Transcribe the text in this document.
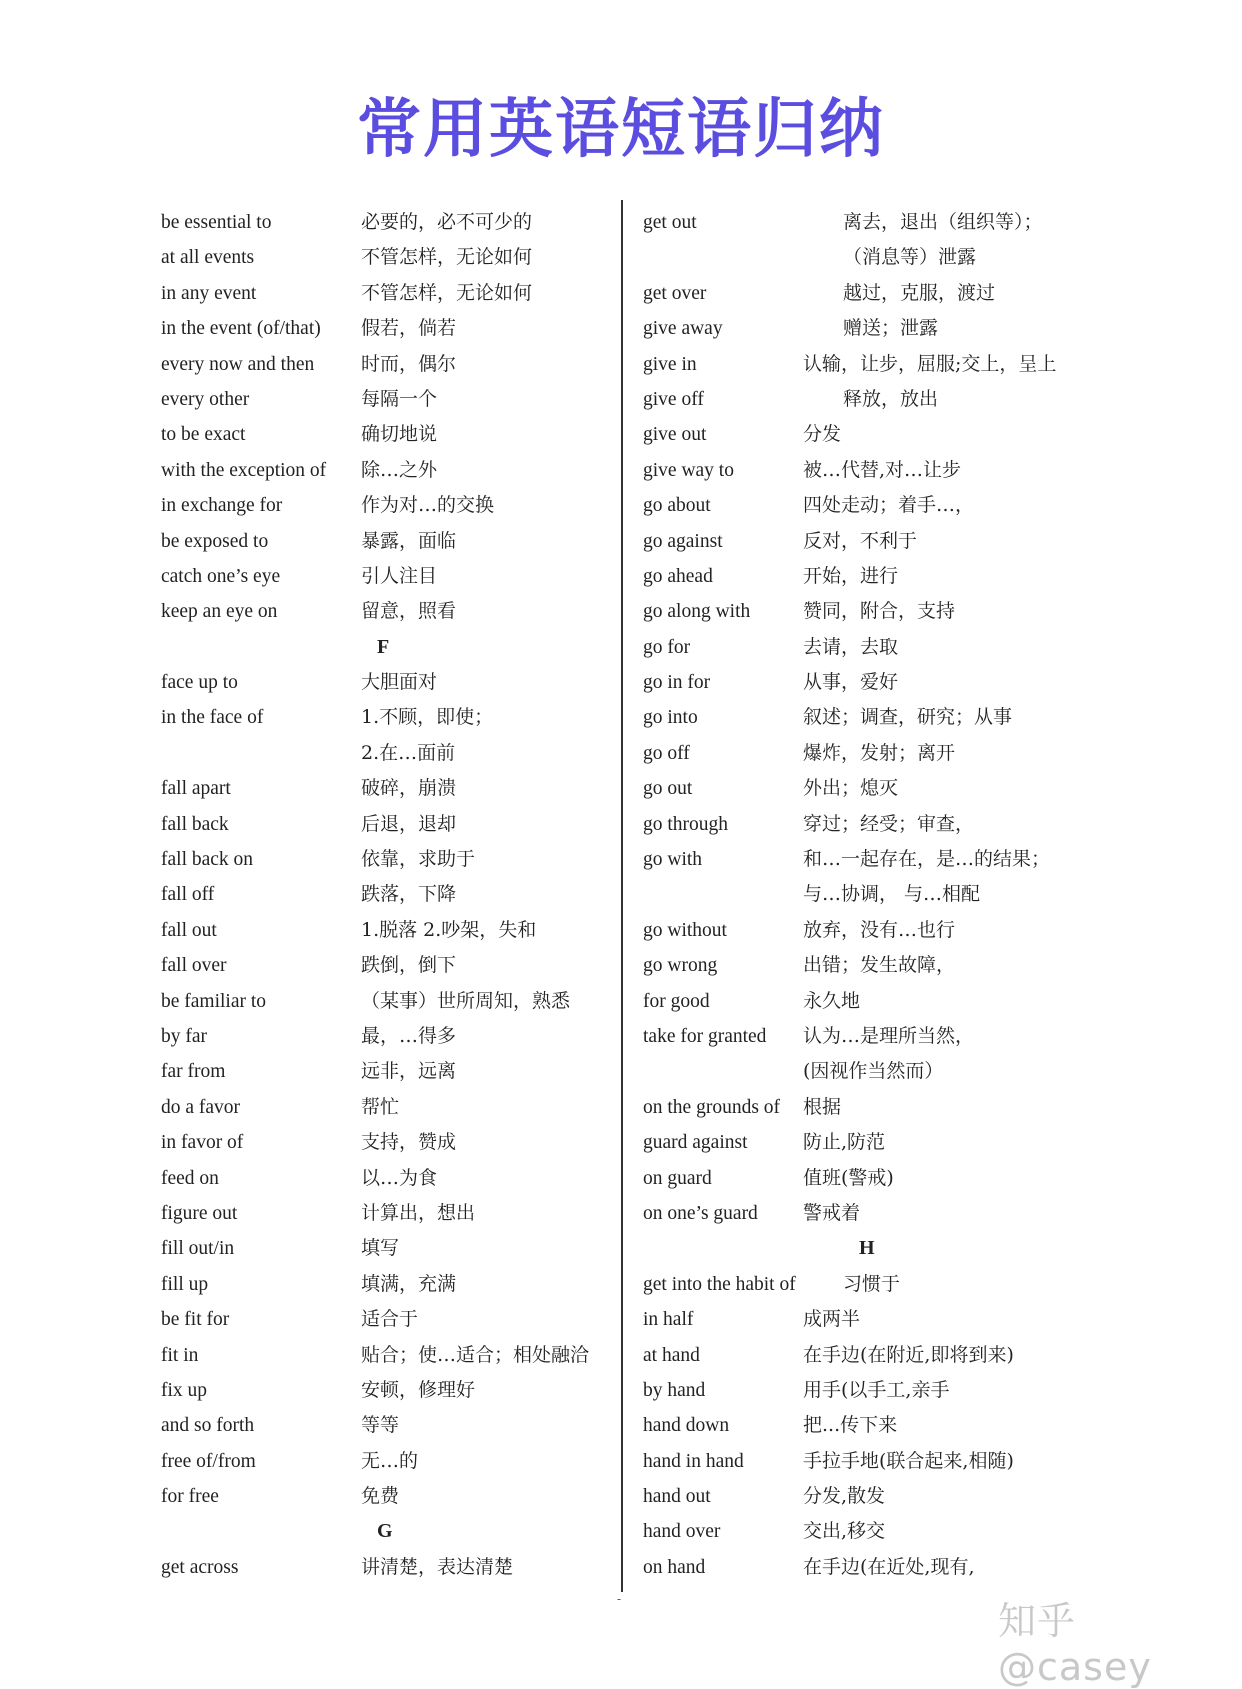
常用英语短语归纳
be essential to	必要的，必不可少的
at all events	不管怎样，无论如何
in any event	不管怎样，无论如何
in the event (of/that) 假若，倘若
every now and then 时而，偶尔
every other	每隔一个
to be exact	确切地说
with the exception of 除…之外
in exchange for	作为对…的交换
be exposed to	暴露，面临
catch one’s eye	引人注目
keep an eye on	留意，照看
F
face up to	大胆面对
in the face of	1.不顾，即使；
2.在…面前
fall apart	破碎，崩溃
fall back	后退，退却
fall back on	依靠，求助于
fall off	跌落，下降
fall out	1.脱落 2.吵架，失和
fall over	跌倒，倒下
be familiar to	（某事）世所周知，熟悉
by far	最，…得多
far from	远非，远离
do a favor	帮忙
in favor of	支持，赞成
feed on	以…为食
figure out	计算出，想出
fill out/in	填写
fill up	填满，充满
be fit for	适合于
fit in	贴合；使…适合；相处融洽
fix up	安顿，修理好
and so forth	等等
free of/from	无…的
for free	免费
G
get across	讲清楚，表达清楚
get out	离去，退出（组织等）；
（消息等）泄露
get over	越过，克服，渡过
give away	赠送；泄露
give in	认输，让步，屈服;交上，呈上
give off	释放，放出
give out	分发
give way to	被…代替,对…让步
go about	四处走动；着手…，
go against	反对，不利于
go ahead	开始，进行
go along with	赞同，附合，支持
go for	去请，去取
go in for	从事，爱好
go into	叙述；调查，研究；从事
go off	爆炸，发射；离开
go out	外出；熄灭
go through	穿过；经受；审查，
go with	和…一起存在，是…的结果；
与…协调， 与…相配
go without	放弃，没有…也行
go wrong	出错；发生故障，
for good	永久地
take for granted 认为…是理所当然，
(因视作当然而）
on the grounds of 根据
guard against	防止,防范
on guard	值班(警戒)
on one’s guard 警戒着
H
get into the habit of 习惯于
in half	成两半
at hand	在手边(在附近,即将到来)
by hand	用手(以手工,亲手
hand down	把...传下来
hand in hand	手拉手地(联合起来,相随)
hand out	分发,散发
hand over	交出,移交
on hand	在手边(在近处,现有,
-	知乎 @casey
